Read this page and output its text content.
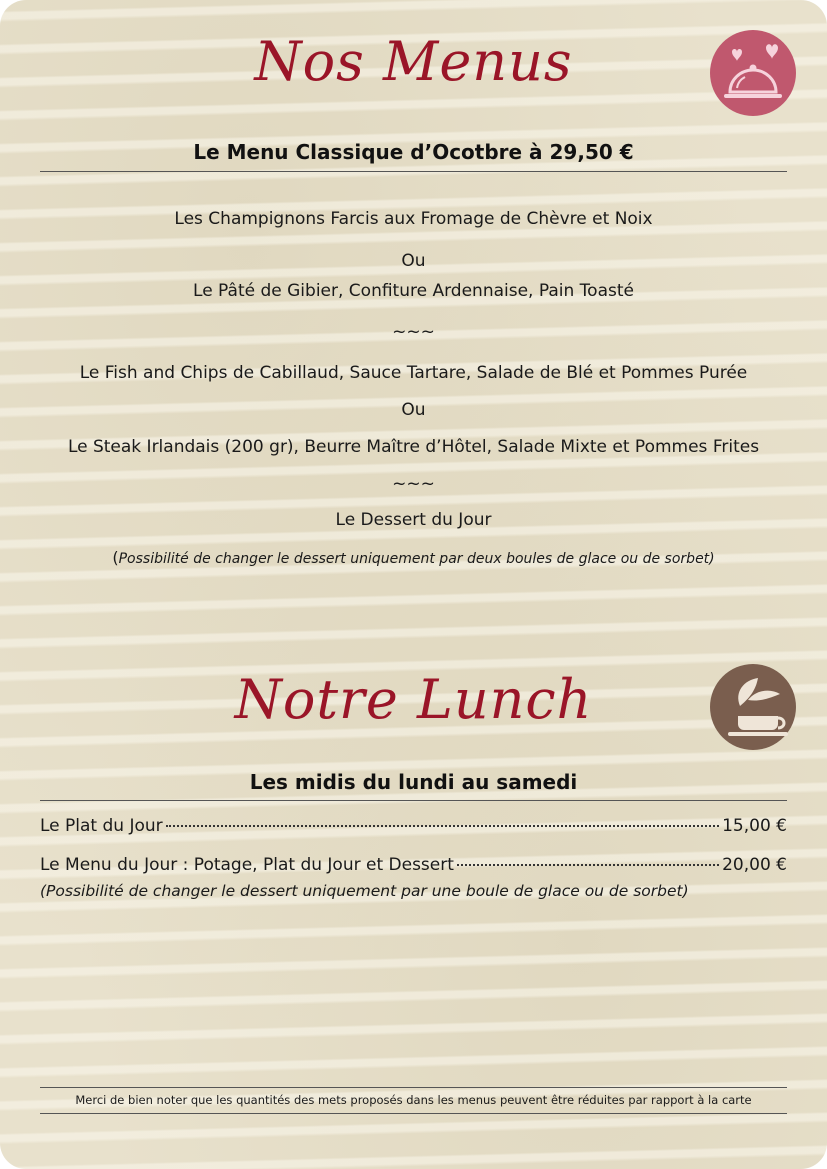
Nos Menus
Le Menu Classique d’Ocotbre à 29,50 €

Les Champignons Farcis aux Fromage de Chèvre et Noix

Ou

Le Pâté de Gibier, Confiture Ardennaise, Pain Toasté

~~~

Le Fish and Chips de Cabillaud, Sauce Tartare, Salade de Blé et Pommes Purée

Ou

Le Steak Irlandais (200 gr), Beurre Maître d’Hôtel, Salade Mixte et Pommes Frites

~~~

Le Dessert du Jour

(Possibilité de changer le dessert uniquement par deux boules de glace ou de sorbet)

Notre Lunch
Les midis du lundi au samedi
Le Plat du Jour	15,00 €
Le Menu du Jour : Potage, Plat du Jour et Dessert	20,00 €

(Possibilité de changer le dessert uniquement par une boule de glace ou de sorbet)

Merci de bien noter que les quantités des mets proposés dans les menus peuvent être réduites par rapport à la carte
